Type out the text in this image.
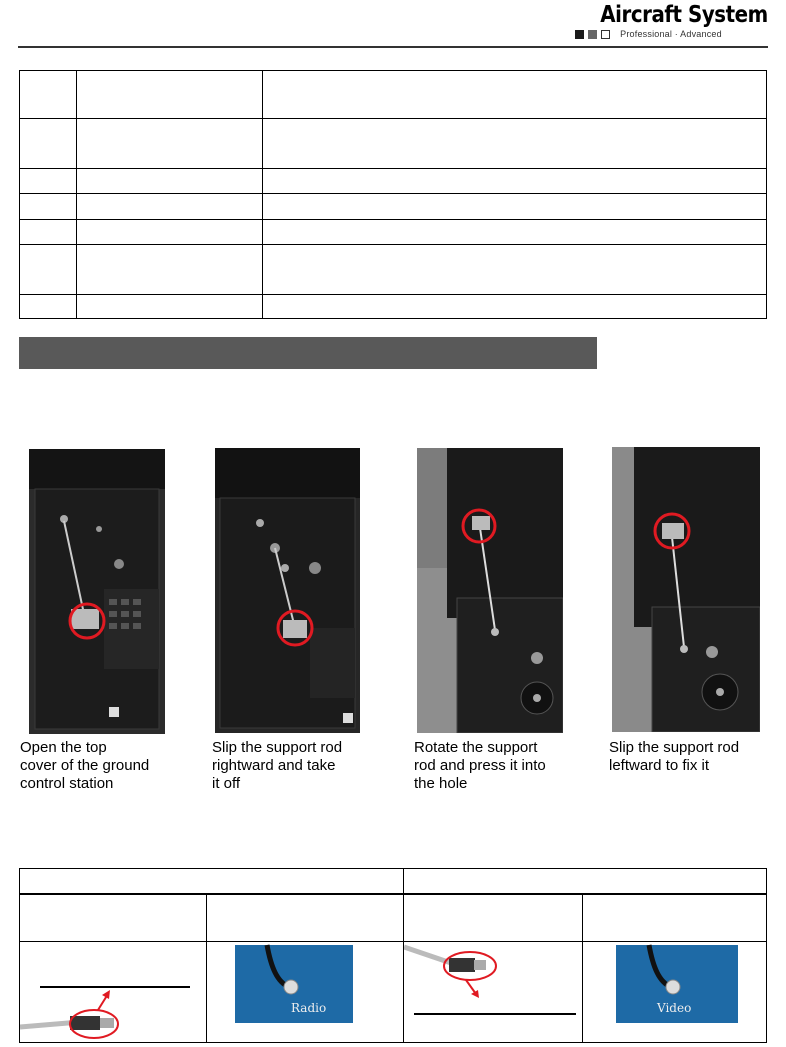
Aircraft System
Professional · Advanced

Open the top
cover of the ground
control station
Slip the support rod
rightward and take
it off
Rotate the support
rod and press it into
the hole
Slip the support rod
leftward to fix it

Radio		Video
